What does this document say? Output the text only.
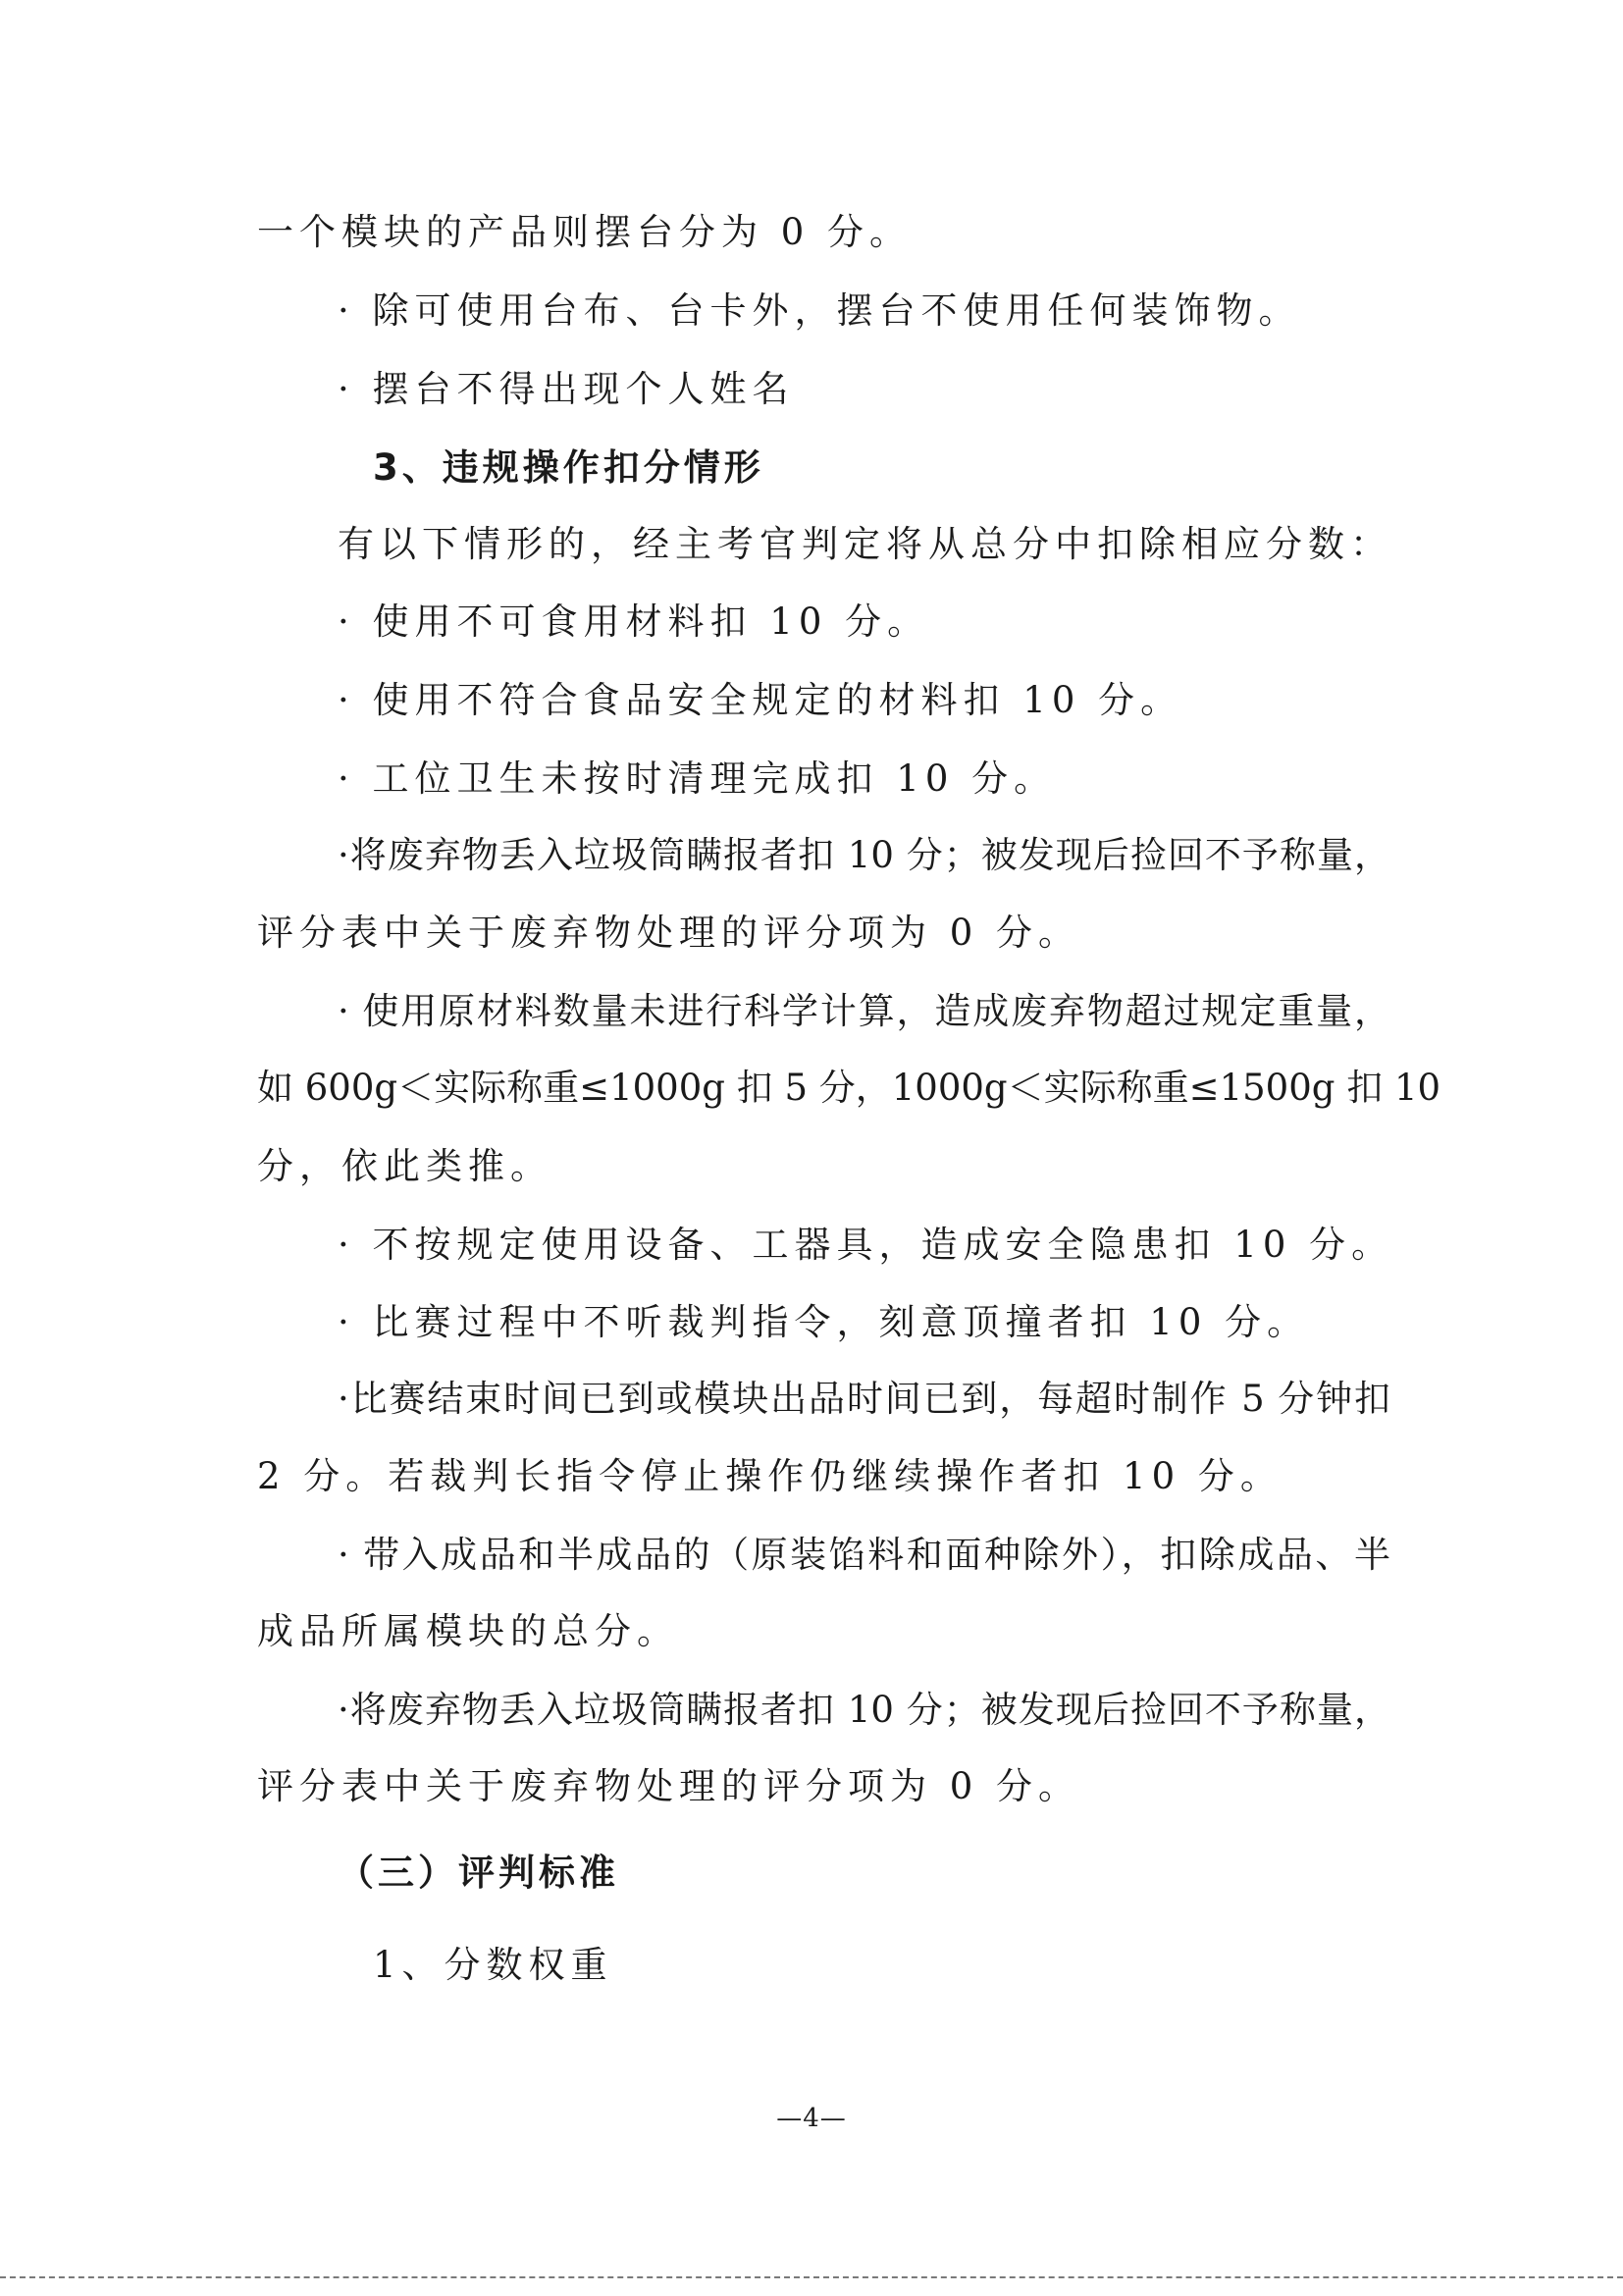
一个模块的产品则摆台分为 0 分。
· 除可使用台布、台卡外，摆台不使用任何装饰物。
· 摆台不得出现个人姓名
3、违规操作扣分情形
有以下情形的，经主考官判定将从总分中扣除相应分数：
· 使用不可食用材料扣 10 分。
· 使用不符合食品安全规定的材料扣 10 分。
· 工位卫生未按时清理完成扣 10 分。
·将废弃物丢入垃圾筒瞒报者扣 10 分；被发现后捡回不予称量，
评分表中关于废弃物处理的评分项为 0 分。
· 使用原材料数量未进行科学计算，造成废弃物超过规定重量，
如 600g＜实际称重≤1000g 扣 5 分，1000g＜实际称重≤1500g 扣 10
分，依此类推。
· 不按规定使用设备、工器具，造成安全隐患扣 10 分。
· 比赛过程中不听裁判指令，刻意顶撞者扣 10 分。
·比赛结束时间已到或模块出品时间已到，每超时制作 5 分钟扣
2 分。若裁判长指令停止操作仍继续操作者扣 10 分。
· 带入成品和半成品的（原装馅料和面种除外），扣除成品、半
成品所属模块的总分。
·将废弃物丢入垃圾筒瞒报者扣 10 分；被发现后捡回不予称量，
评分表中关于废弃物处理的评分项为 0 分。
（三）评判标准
1、分数权重
—4—
